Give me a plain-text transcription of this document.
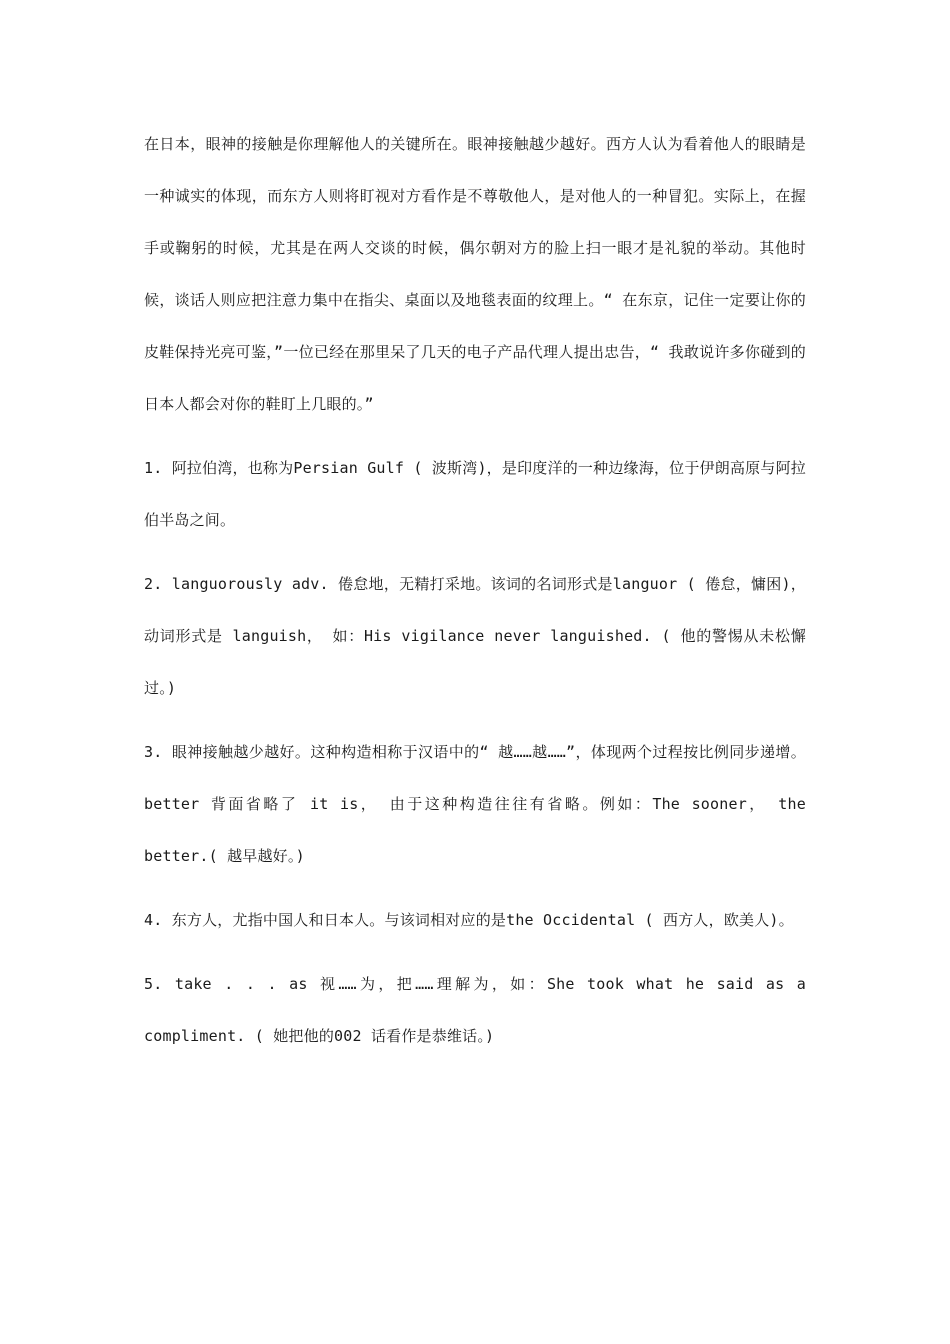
在日本，眼神的接触是你理解他人的关键所在。眼神接触越少越好。西方人认为看着他人的眼睛是一种诚实的体现，而东方人则将盯视对方看作是不尊敬他人，是对他人的一种冒犯。实际上，在握手或鞠躬的时候，尤其是在两人交谈的时候，偶尔朝对方的脸上扫一眼才是礼貌的举动。其他时候，谈话人则应把注意力集中在指尖、桌面以及地毯表面的纹理上。“ 在东京，记住一定要让你的皮鞋保持光亮可鉴，”一位已经在那里呆了几天的电子产品代理人提出忠告，“ 我敢说许多你碰到的日本人都会对你的鞋盯上几眼的。”

1. 阿拉伯湾，也称为Persian Gulf ( 波斯湾)，是印度洋的一种边缘海，位于伊朗高原与阿拉伯半岛之间。

2. languorously adv. 倦怠地，无精打采地。该词的名词形式是languor ( 倦怠，慵困)，动词形式是 languish， 如：His vigilance never languished. ( 他的警惕从未松懈过。)

3. 眼神接触越少越好。这种构造相称于汉语中的“ 越……越……”，体现两个过程按比例同步递增。better 背面省略了 it is， 由于这种构造往往有省略。例如：The sooner， the better.( 越早越好。)

4. 东方人，尤指中国人和日本人。与该词相对应的是the Occidental ( 西方人，欧美人)。

5. take . . . as 视……为，把……理解为，如：She took what he said as a compliment. ( 她把他的002 话看作是恭维话。)
